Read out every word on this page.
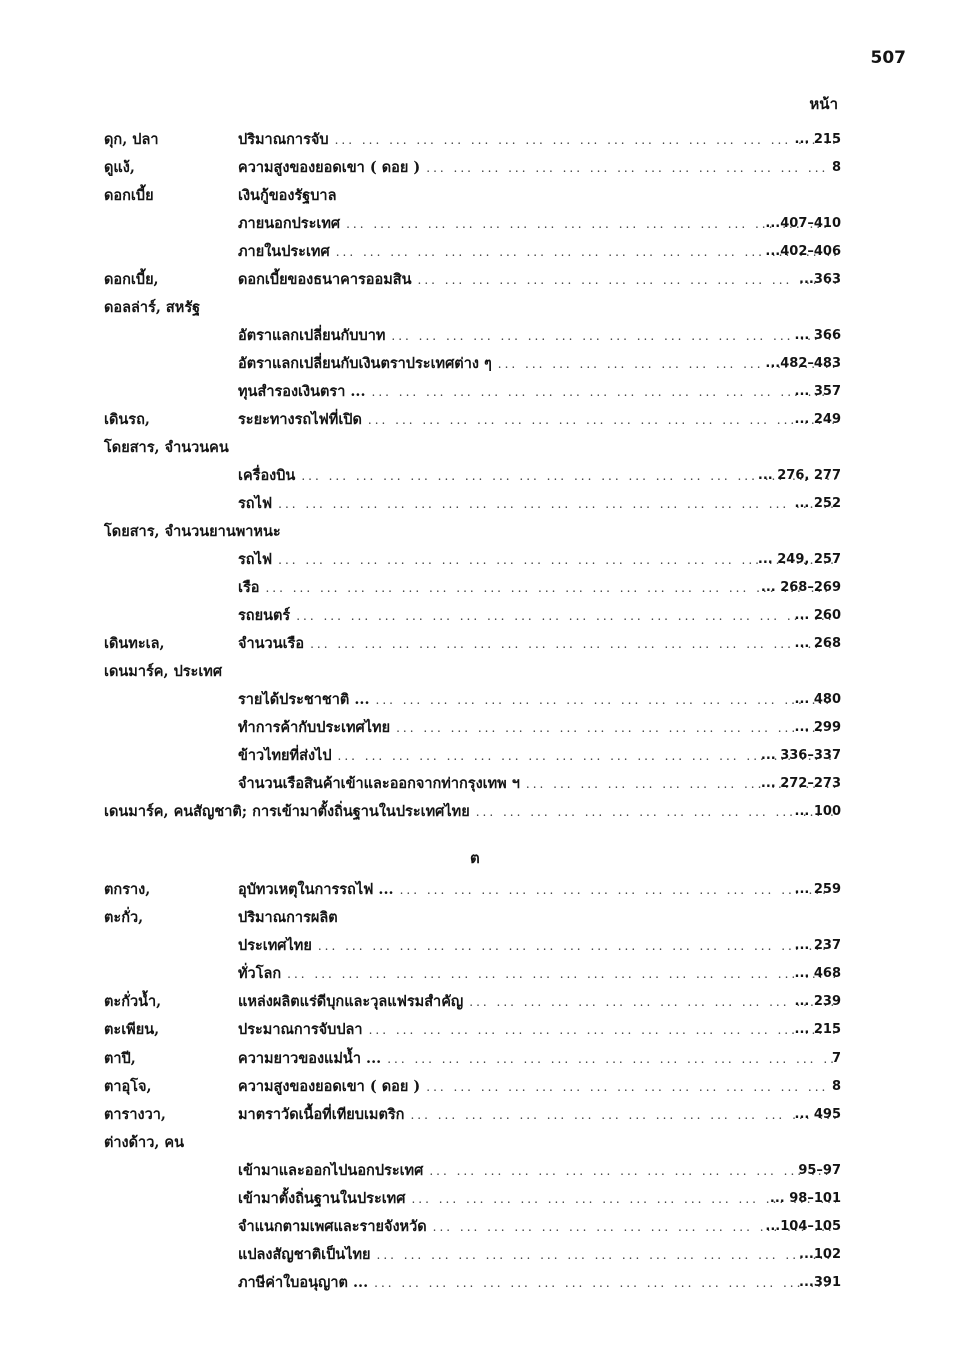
507
หน้า
ดุก, ปลา	ปริมาณการจับ ... .	... 215
ดูแง้,	ความสูงของยอดเขา ( ดอย ) ... .	8
ดอกเบี้ย	เงินกู้ของรัฐบาล
ภายนอกประเทศ ... .	...407–410
ภายในประเทศ ... .	...402–406
ดอกเบี้ย,	ดอกเบี้ยของธนาคารออมสิน ... .	...363
ดอลล่าร์, สหรัฐ
อัตราแลกเปลี่ยนกับบาท ... .	... 366
อัตราแลกเปลี่ยนกับเงินตราประเทศต่าง ๆ ... .	...482–483
ทุนสำรองเงินตรา ... ... .	... 357
เดินรถ,	ระยะทางรถไฟที่เปิด ... .	... 249
โดยสาร, จำนวนคน
เครื่องบิน ... .	... 276, 277
รถไฟ ... .	... 252
โดยสาร, จำนวนยานพาหนะ
รถไฟ ... .	... 249, 257
เรือ ... .	... 268–269
รถยนตร์ ... .	... 260
เดินทะเล,	จำนวนเรือ ... .	... 268
เดนมาร์ค, ประเทศ
รายได้ประชาชาติ ... ... .	... 480
ทำการค้ากับประเทศไทย ... .	... 299
ข้าวไทยที่ส่งไป ... .	... 336–337
จำนวนเรือสินค้าเข้าและออกจากท่ากรุงเทพ ฯ ... .	... 272–273
เดนมาร์ค, คนสัญชาติ; การเข้ามาตั้งถิ่นฐานในประเทศไทย ... .	... 100
ต
ตกราง,	อุบัทวเหตุในการรถไฟ ... ... .	... 259
ตะกั่ว,	ปริมาณการผลิต
ประเทศไทย ... .	... 237
ทั่วโลก ... .	... 468
ตะกั่วน้ำ,	แหล่งผลิตแร่ดีบุกและวุลแฟรมสำคัญ ... .	... 239
ตะเพียน,	ประมาณการจับปลา ... .	... 215
ตาปี,	ความยาวของแม่น้ำ ... ... .	7
ตาอุโจ,	ความสูงของยอดเขา ( ดอย ) ... .	8
ตารางวา,	มาตราวัดเนื้อที่เทียบเมตริก ... .	... 495
ต่างด้าว, คน
เข้ามาและออกไปนอกประเทศ ... .	95–97
เข้ามาตั้งถิ่นฐานในประเทศ ... .	... 98–101
จำแนกตามเพศและรายจังหวัด ... .	...104–105
แปลงสัญชาติเป็นไทย ... .	...102
ภาษีค่าใบอนุญาต ... ... .	...391
